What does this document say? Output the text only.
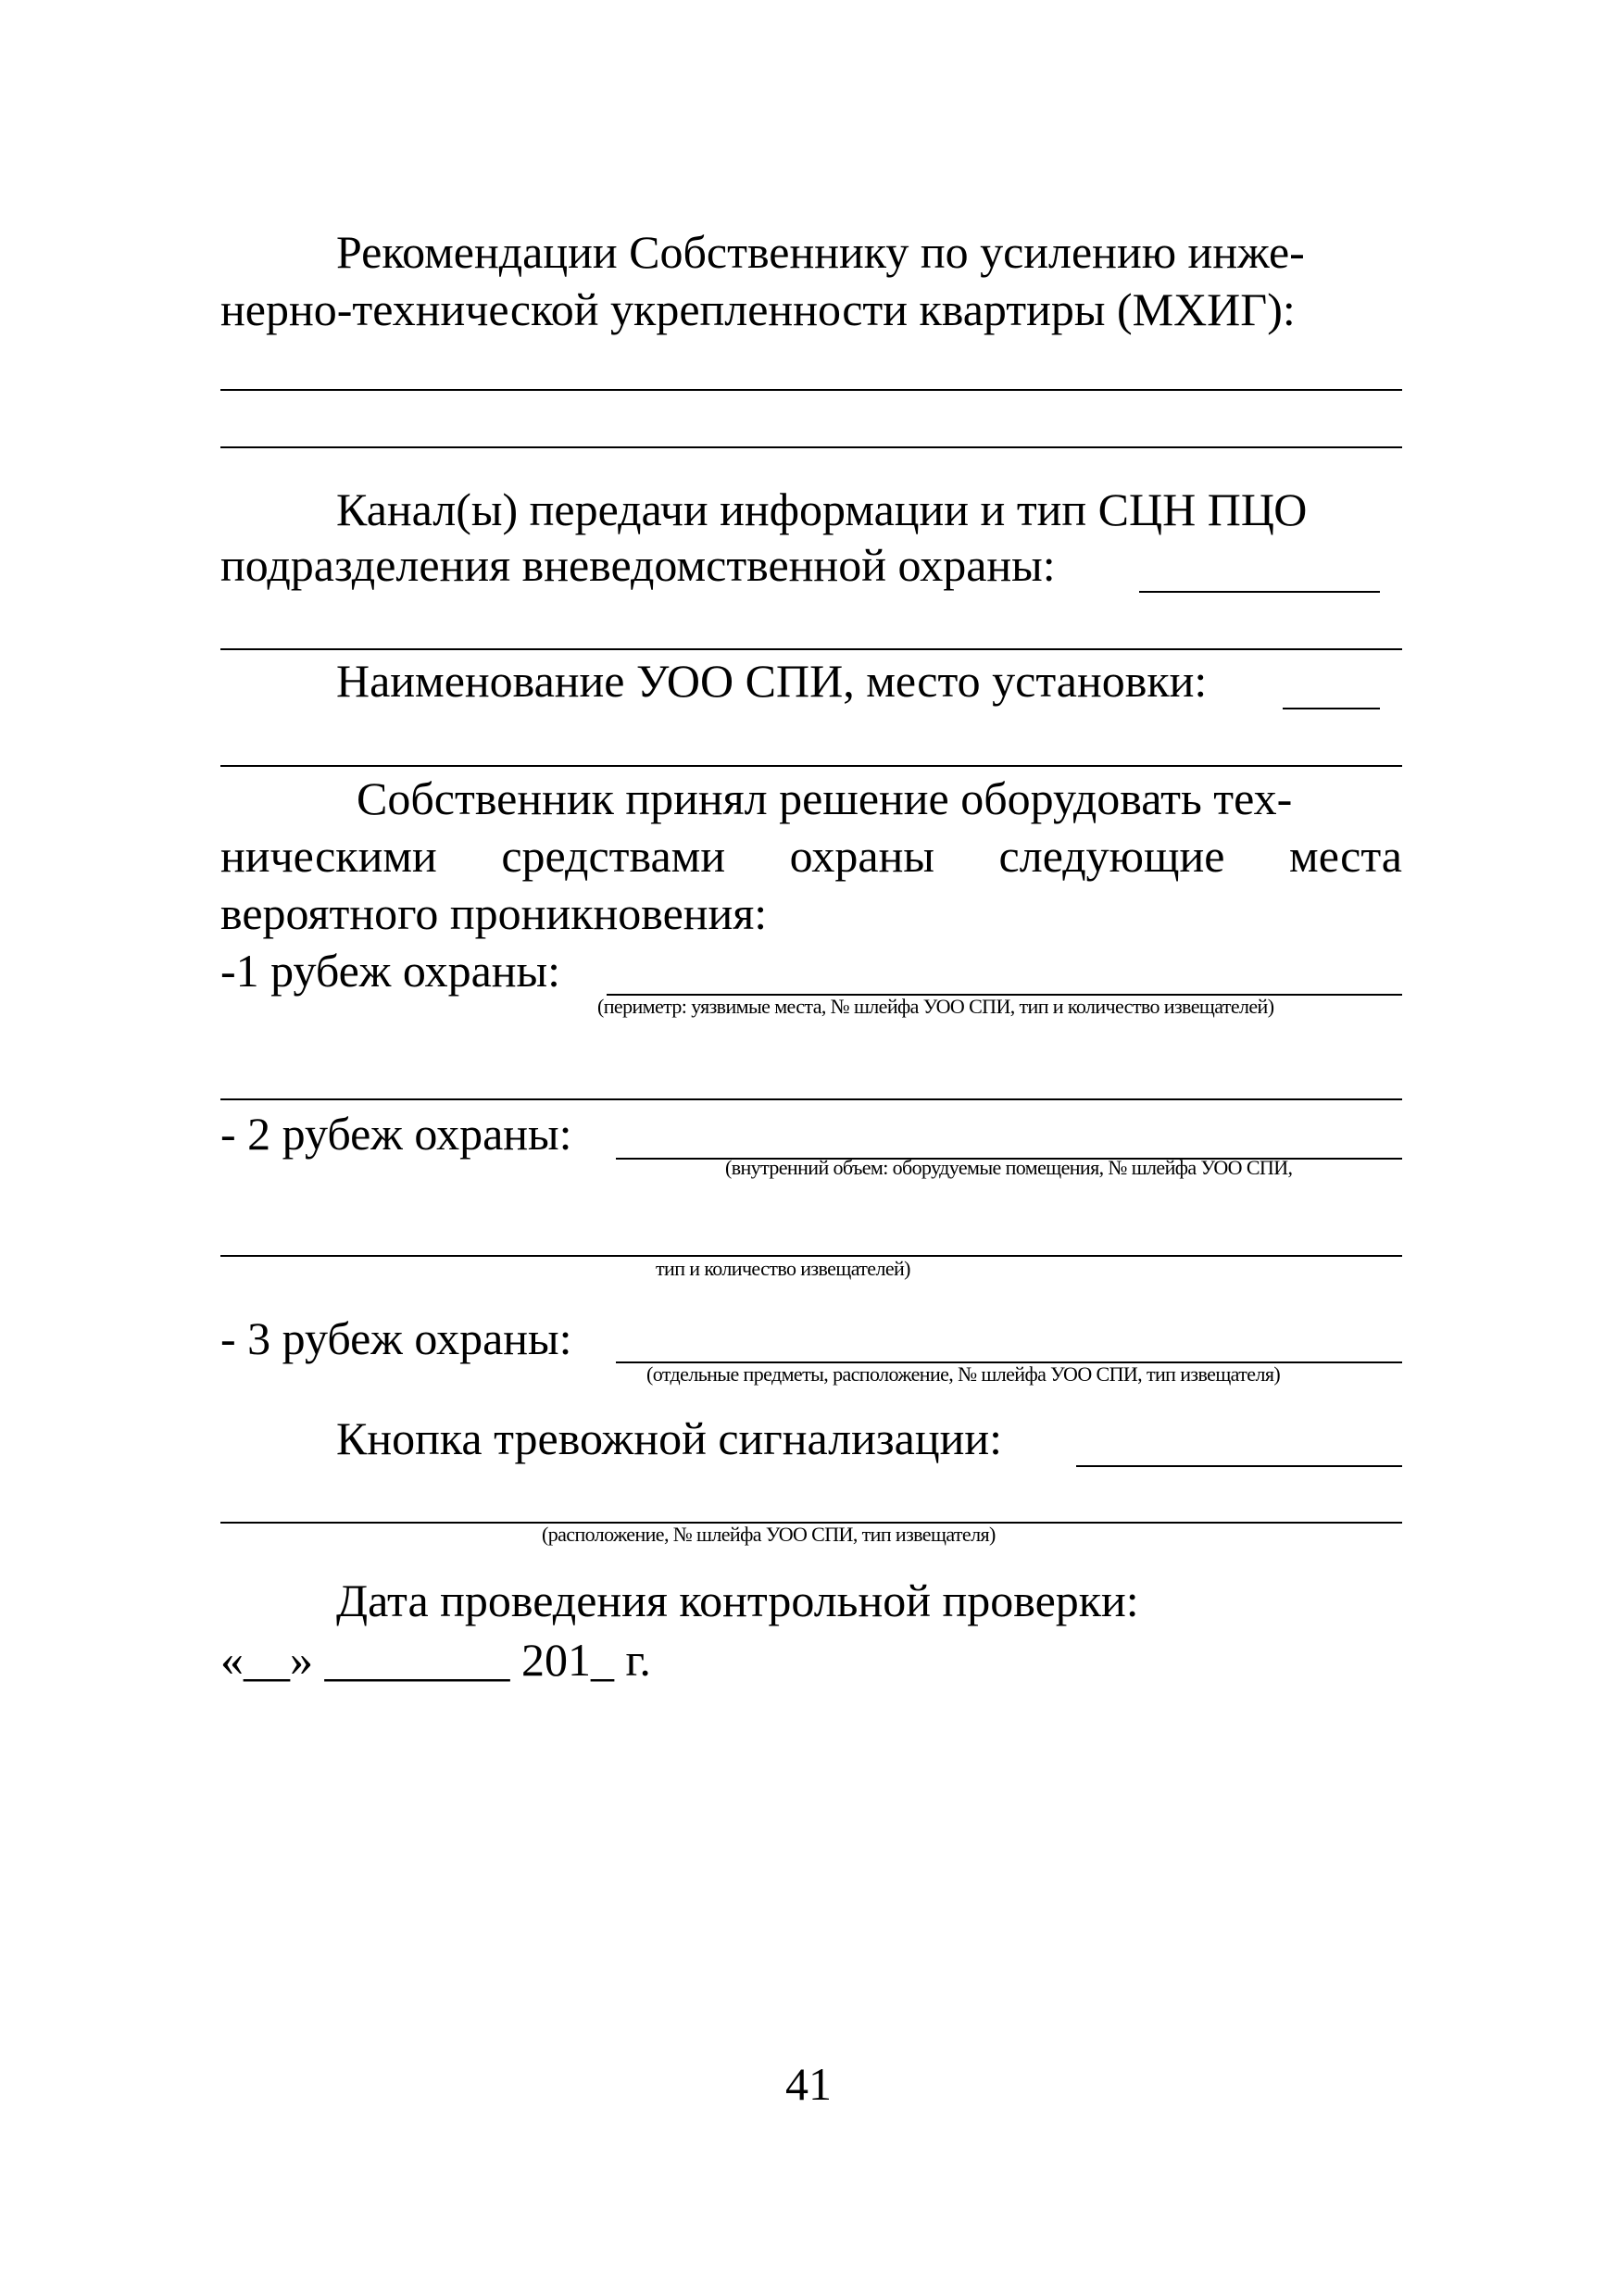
Рекомендации Собственнику по усилению инже-
нерно-технической укрепленности квартиры (МХИГ):
Канал(ы) передачи информации и тип СЦН ПЦО
подразделения вневедомственной охраны:
Наименование УОО СПИ, место установки:
Собственник принял решение оборудовать тех-
ническими средствами охраны следующие места
вероятного проникновения:
-1 рубеж охраны:
(периметр: уязвимые места, № шлейфа УОО СПИ, тип и количество извещателей)
- 2 рубеж охраны:
(внутренний объем: оборудуемые помещения, № шлейфа УОО СПИ,
тип и количество извещателей)
- 3 рубеж охраны:
(отдельные предметы, расположение, № шлейфа УОО СПИ, тип извещателя)
Кнопка тревожной сигнализации:
(расположение, № шлейфа УОО СПИ, тип извещателя)
Дата проведения контрольной проверки:
«__» ________ 201_ г.
41
